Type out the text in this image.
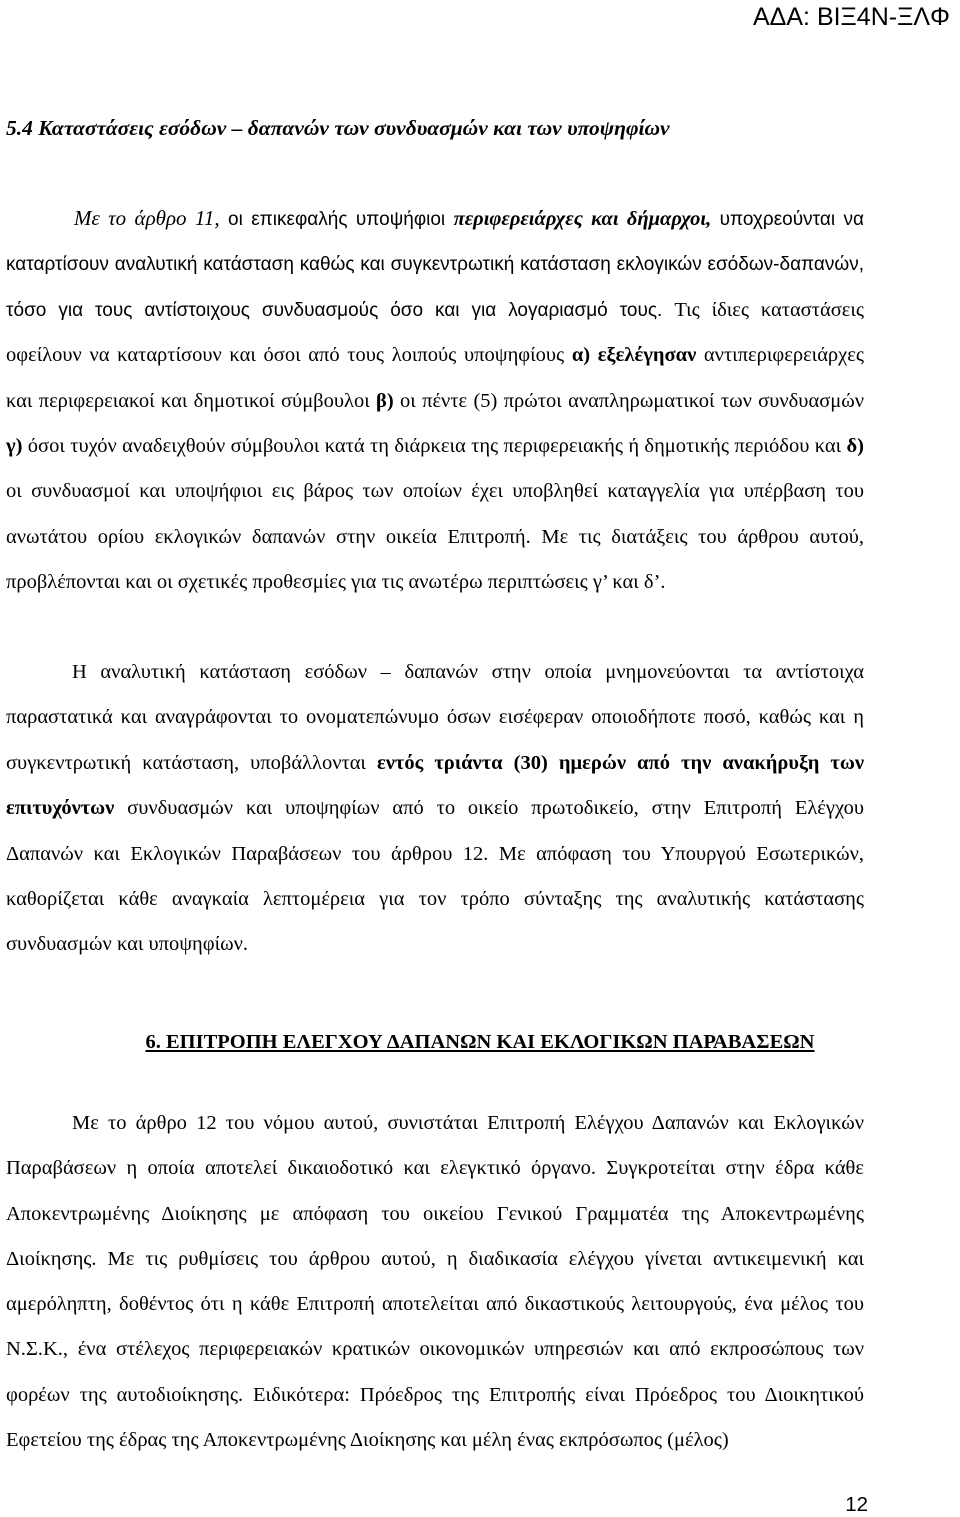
ΑΔΑ: ΒΙΞ4Ν-ΞΛΦ
5.4 Καταστάσεις εσόδων – δαπανών των συνδυασμών και των υποψηφίων
Με το άρθρο 11, οι επικεφαλής υποψήφιοι περιφερειάρχες και δήμαρχοι, υποχρεούνται να καταρτίσουν αναλυτική κατάσταση καθώς και συγκεντρωτική κατάσταση εκλογικών εσόδων-δαπανών, τόσο για τους αντίστοιχους συνδυασμούς όσο και για λογαριασμό τους. Τις ίδιες καταστάσεις οφείλουν να καταρτίσουν και όσοι από τους λοιπούς υποψηφίους α) εξελέγησαν αντιπεριφερειάρχες και περιφερειακοί και δημοτικοί σύμβουλοι β) οι πέντε (5) πρώτοι αναπληρωματικοί των συνδυασμών γ) όσοι τυχόν αναδειχθούν σύμβουλοι κατά τη διάρκεια της περιφερειακής ή δημοτικής περιόδου και δ) οι συνδυασμοί και υποψήφιοι εις βάρος των οποίων έχει υποβληθεί καταγγελία για υπέρβαση του ανωτάτου ορίου εκλογικών δαπανών στην οικεία Επιτροπή. Με τις διατάξεις του άρθρου αυτού, προβλέπονται και οι σχετικές προθεσμίες για τις ανωτέρω περιπτώσεις γ’ και δ’.
Η αναλυτική κατάσταση εσόδων – δαπανών στην οποία μνημονεύονται τα αντίστοιχα παραστατικά και αναγράφονται το ονοματεπώνυμο όσων εισέφεραν οποιοδήποτε ποσό, καθώς και η συγκεντρωτική κατάσταση, υποβάλλονται εντός τριάντα (30) ημερών από την ανακήρυξη των επιτυχόντων συνδυασμών και υποψηφίων από το οικείο πρωτοδικείο, στην Επιτροπή Ελέγχου Δαπανών και Εκλογικών Παραβάσεων του άρθρου 12. Με απόφαση του Υπουργού Εσωτερικών, καθορίζεται κάθε αναγκαία λεπτομέρεια για τον τρόπο σύνταξης της αναλυτικής κατάστασης συνδυασμών και υποψηφίων.
6. ΕΠΙΤΡΟΠΗ ΕΛΕΓΧΟΥ ΔΑΠΑΝΩΝ ΚΑΙ ΕΚΛΟΓΙΚΩΝ ΠΑΡΑΒΑΣΕΩΝ
Με το άρθρο 12 του νόμου αυτού, συνιστάται Επιτροπή Ελέγχου Δαπανών και Εκλογικών Παραβάσεων η οποία αποτελεί δικαιοδοτικό και ελεγκτικό όργανο. Συγκροτείται στην έδρα κάθε Αποκεντρωμένης Διοίκησης με απόφαση του οικείου Γενικού Γραμματέα της Αποκεντρωμένης Διοίκησης. Με τις ρυθμίσεις του άρθρου αυτού, η διαδικασία ελέγχου γίνεται αντικειμενική και αμερόληπτη, δοθέντος ότι η κάθε Επιτροπή αποτελείται από δικαστικούς λειτουργούς, ένα μέλος του Ν.Σ.Κ., ένα στέλεχος περιφερειακών κρατικών οικονομικών υπηρεσιών και από εκπροσώπους των φορέων της αυτοδιοίκησης. Ειδικότερα: Πρόεδρος της Επιτροπής είναι Πρόεδρος του Διοικητικού Εφετείου της έδρας της Αποκεντρωμένης Διοίκησης και μέλη ένας εκπρόσωπος (μέλος)
12
